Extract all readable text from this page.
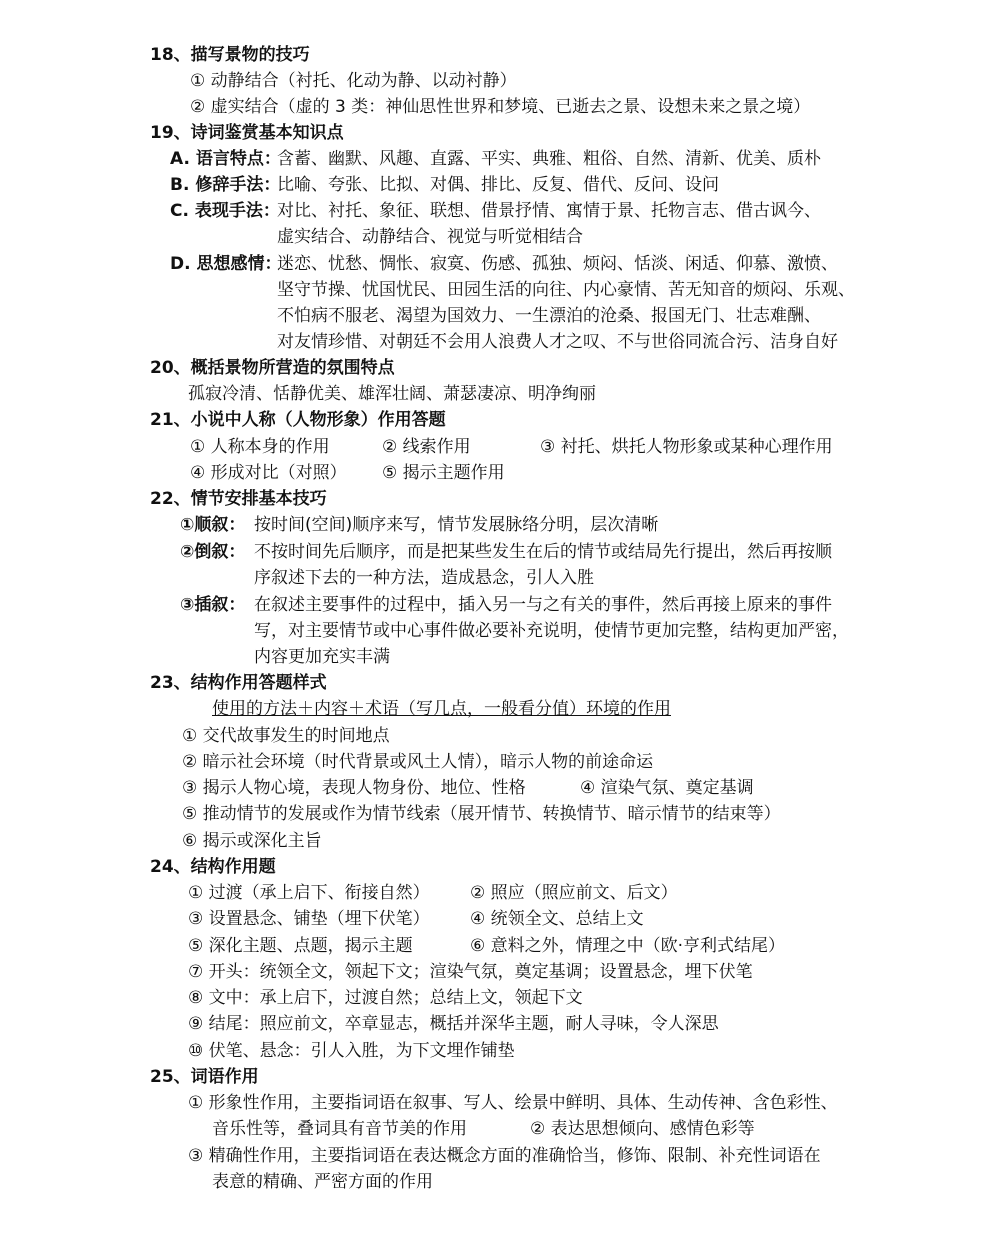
18、描写景物的技巧
① 动静结合（衬托、化动为静、以动衬静）
② 虚实结合（虚的 3 类：神仙思性世界和梦境、已逝去之景、设想未来之景之境）
19、诗词鉴赏基本知识点
A. 语言特点：
含蓄、幽默、风趣、直露、平实、典雅、粗俗、自然、清新、优美、质朴
B. 修辞手法：
比喻、夸张、比拟、对偶、排比、反复、借代、反问、设问
C. 表现手法：
对比、衬托、象征、联想、借景抒情、寓情于景、托物言志、借古讽今、
虚实结合、动静结合、视觉与听觉相结合
D. 思想感情：
迷恋、忧愁、惆怅、寂寞、伤感、孤独、烦闷、恬淡、闲适、仰慕、激愤、
坚守节操、忧国忧民、田园生活的向往、内心豪情、苦无知音的烦闷、乐观、
不怕病不服老、渴望为国效力、一生漂泊的沧桑、报国无门、壮志难酬、
对友情珍惜、对朝廷不会用人浪费人才之叹、不与世俗同流合污、洁身自好
20、概括景物所营造的氛围特点
孤寂冷清、恬静优美、雄浑壮阔、萧瑟凄凉、明净绚丽
21、小说中人称（人物形象）作用答题
① 人称本身的作用	② 线索作用	③ 衬托、烘托人物形象或某种心理作用
④ 形成对比（对照） ⑤ 揭示主题作用
22、情节安排基本技巧
①顺叙： 按时间(空间)顺序来写，情节发展脉络分明，层次清晰
②倒叙： 不按时间先后顺序，而是把某些发生在后的情节或结局先行提出，然后再按顺
序叙述下去的一种方法，造成悬念，引人入胜
③插叙： 在叙述主要事件的过程中，插入另一与之有关的事件，然后再接上原来的事件
写，对主要情节或中心事件做必要补充说明，使情节更加完整，结构更加严密，
内容更加充实丰满
23、结构作用答题样式
使用的方法＋内容＋术语（写几点，一般看分值）环境的作用
① 交代故事发生的时间地点
② 暗示社会环境（时代背景或风土人情），暗示人物的前途命运
③ 揭示人物心境，表现人物身份、地位、性格	④ 渲染气氛、奠定基调
⑤ 推动情节的发展或作为情节线索（展开情节、转换情节、暗示情节的结束等）
⑥ 揭示或深化主旨
24、结构作用题
① 过渡（承上启下、衔接自然） ② 照应（照应前文、后文）
③ 设置悬念、铺垫（埋下伏笔） ④ 统领全文、总结上文
⑤ 深化主题、点题，揭示主题	⑥ 意料之外，情理之中（欧·亨利式结尾）
⑦ 开头：统领全文，领起下文；渲染气氛，奠定基调；设置悬念，埋下伏笔
⑧ 文中：承上启下，过渡自然；总结上文，领起下文
⑨ 结尾：照应前文，卒章显志，概括并深华主题，耐人寻味，令人深思
⑩ 伏笔、悬念：引人入胜，为下文埋作铺垫
25、词语作用
① 形象性作用，主要指词语在叙事、写人、绘景中鲜明、具体、生动传神、含色彩性、
音乐性等，叠词具有音节美的作用	② 表达思想倾向、感情色彩等
③ 精确性作用，主要指词语在表达概念方面的准确恰当，修饰、限制、补充性词语在
表意的精确、严密方面的作用
